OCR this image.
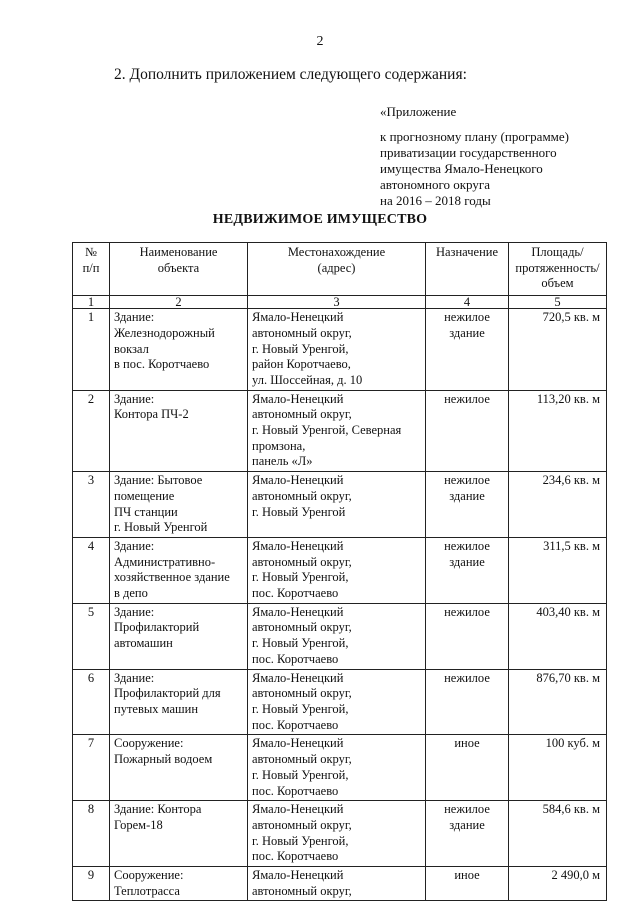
2
2. Дополнить приложением следующего содержания:
«Приложение
к прогнозному плану (программе)
приватизации государственного
имущества Ямало-Ненецкого
автономного округа
на 2016 – 2018 годы
НЕДВИЖИМОЕ ИМУЩЕСТВО
№
п/п	Наименование
объекта	Местонахождение
(адрес)	Назначение	Площадь/
протяженность/
объем

1	2	3	4	5
1	Здание:
Железнодорожный
вокзал
в пос. Коротчаево	Ямало-Ненецкий
автономный округ,
г. Новый Уренгой,
район Коротчаево,
ул. Шоссейная, д. 10	нежилое
здание	720,5 кв. м
2	Здание:
Контора ПЧ-2	Ямало-Ненецкий
автономный округ,
г. Новый Уренгой, Северная
промзона,
панель «Л»	нежилое	113,20 кв. м
3	Здание: Бытовое
помещение
ПЧ станции
г. Новый Уренгой	Ямало-Ненецкий
автономный округ,
г. Новый Уренгой	нежилое
здание	234,6 кв. м
4	Здание:
Административно-
хозяйственное здание
в депо	Ямало-Ненецкий
автономный округ,
г. Новый Уренгой,
пос. Коротчаево	нежилое
здание	311,5 кв. м
5	Здание:
Профилакторий
автомашин	Ямало-Ненецкий
автономный округ,
г. Новый Уренгой,
пос. Коротчаево	нежилое	403,40 кв. м
6	Здание:
Профилакторий для
путевых машин	Ямало-Ненецкий
автономный округ,
г. Новый Уренгой,
пос. Коротчаево	нежилое	876,70 кв. м
7	Сооружение:
Пожарный водоем	Ямало-Ненецкий
автономный округ,
г. Новый Уренгой,
пос. Коротчаево	иное	100 куб. м
8	Здание: Контора
Горем-18	Ямало-Ненецкий
автономный округ,
г. Новый Уренгой,
пос. Коротчаево	нежилое
здание	584,6 кв. м
9	Сооружение:
Теплотрасса	Ямало-Ненецкий
автономный округ,	иное	2 490,0 м
